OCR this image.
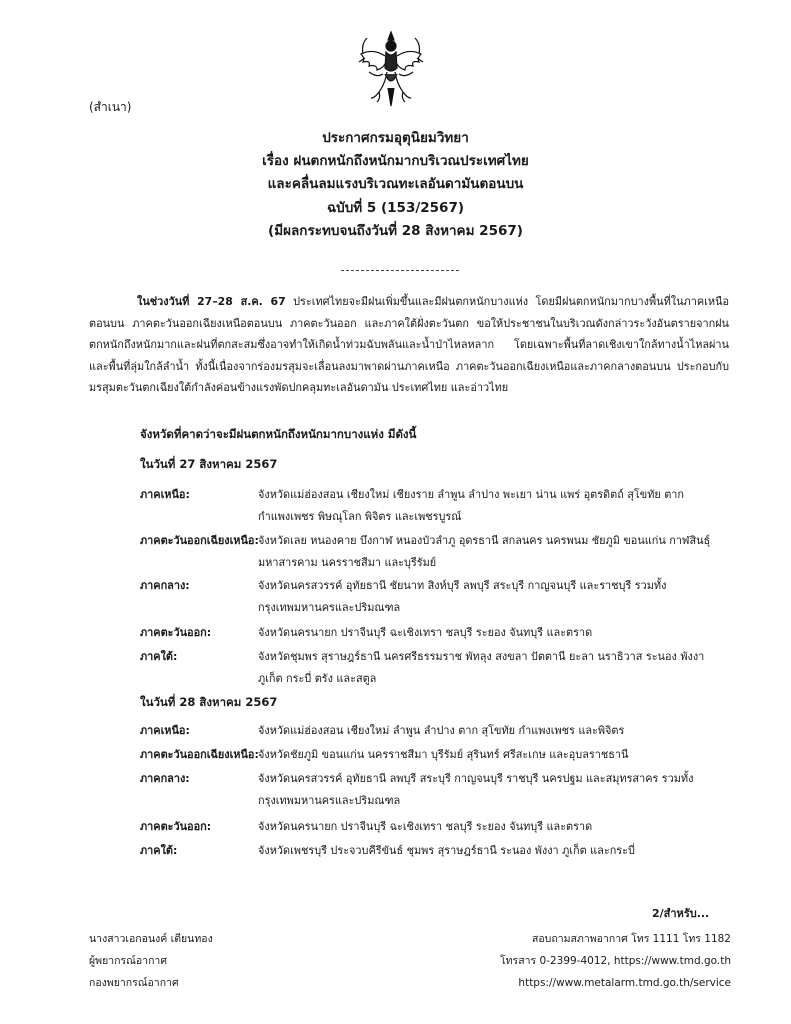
(สำเนา)
ประกาศกรมอุตุนิยมวิทยา
เรื่อง ฝนตกหนักถึงหนักมากบริเวณประเทศไทย
และคลื่นลมแรงบริเวณทะเลอันดามันตอนบน
ฉบับที่ 5 (153/2567)
(มีผลกระทบจนถึงวันที่ 28 สิงหาคม 2567)
ในช่วงวันที่ 27–28 ส.ค. 67 ประเทศไทยจะมีฝนเพิ่มขึ้นและมีฝนตกหนักบางแห่ง โดยมีฝนตกหนักมากบางพื้นที่ในภาคเหนือตอนบน ภาคตะวันออกเฉียงเหนือตอนบน ภาคตะวันออก และภาคใต้ฝั่งตะวันตก ขอให้ประชาชนในบริเวณดังกล่าวระวังอันตรายจากฝนตกหนักถึงหนักมากและฝนที่ตกสะสมซึ่งอาจทำให้เกิดน้ำท่วมฉับพลันและน้ำป่าไหลหลาก โดยเฉพาะพื้นที่ลาดเชิงเขาใกล้ทางน้ำไหลผ่านและพื้นที่ลุ่มใกล้ลำน้ำ ทั้งนี้เนื่องจากร่องมรสุมจะเลื่อนลงมาพาดผ่านภาคเหนือ ภาคตะวันออกเฉียงเหนือและภาคกลางตอนบน ประกอบกับมรสุมตะวันตกเฉียงใต้กำลังค่อนข้างแรงพัดปกคลุมทะเลอันดามัน ประเทศไทย และอ่าวไทย
จังหวัดที่คาดว่าจะมีฝนตกหนักถึงหนักมากบางแห่ง มีดังนี้
ในวันที่ 27 สิงหาคม 2567
ภาคเหนือ:	จังหวัดแม่ฮ่องสอน เชียงใหม่ เชียงราย ลำพูน ลำปาง พะเยา น่าน แพร่ อุตรดิตถ์ สุโขทัย ตาก กำแพงเพชร พิษณุโลก พิจิตร และเพชรบูรณ์
ภาคตะวันออกเฉียงเหนือ: จังหวัดเลย หนองคาย บึงกาฬ หนองบัวลำภู อุดรธานี สกลนคร นครพนม ชัยภูมิ ขอนแก่น กาฬสินธุ์ มหาสารคาม นครราชสีมา และบุรีรัมย์
ภาคกลาง:	จังหวัดนครสวรรค์ อุทัยธานี ชัยนาท สิงห์บุรี ลพบุรี สระบุรี กาญจนบุรี และราชบุรี รวมทั้งกรุงเทพมหานครและปริมณฑล
ภาคตะวันออก:	จังหวัดนครนายก ปราจีนบุรี ฉะเชิงเทรา ชลบุรี ระยอง จันทบุรี และตราด
ภาคใต้:	จังหวัดชุมพร สุราษฎร์ธานี นครศรีธรรมราช พัทลุง สงขลา ปัตตานี ยะลา นราธิวาส ระนอง พังงา ภูเก็ต กระบี่ ตรัง และสตูล
ในวันที่ 28 สิงหาคม 2567
ภาคเหนือ:	จังหวัดแม่ฮ่องสอน เชียงใหม่ ลำพูน ลำปาง ตาก สุโขทัย กำแพงเพชร และพิจิตร
ภาคตะวันออกเฉียงเหนือ: จังหวัดชัยภูมิ ขอนแก่น นครราชสีมา บุรีรัมย์ สุรินทร์ ศรีสะเกษ และอุบลราชธานี
ภาคกลาง:	จังหวัดนครสวรรค์ อุทัยธานี ลพบุรี สระบุรี กาญจนบุรี ราชบุรี นครปฐม และสมุทรสาคร รวมทั้งกรุงเทพมหานครและปริมณฑล
ภาคตะวันออก:	จังหวัดนครนายก ปราจีนบุรี ฉะเชิงเทรา ชลบุรี ระยอง จันทบุรี และตราด
ภาคใต้:	จังหวัดเพชรบุรี ประจวบคีรีขันธ์ ชุมพร สุราษฎร์ธานี ระนอง พังงา ภูเก็ต และกระบี่
2/สำหรับ...
นางสาวเอกอนงค์ เตียนทอง
ผู้พยากรณ์อากาศ
กองพยากรณ์อากาศ
สอบถามสภาพอากาศ โทร 1111 โทร 1182
โทรสาร 0-2399-4012, https://www.tmd.go.th
https://www.metalarm.tmd.go.th/service
